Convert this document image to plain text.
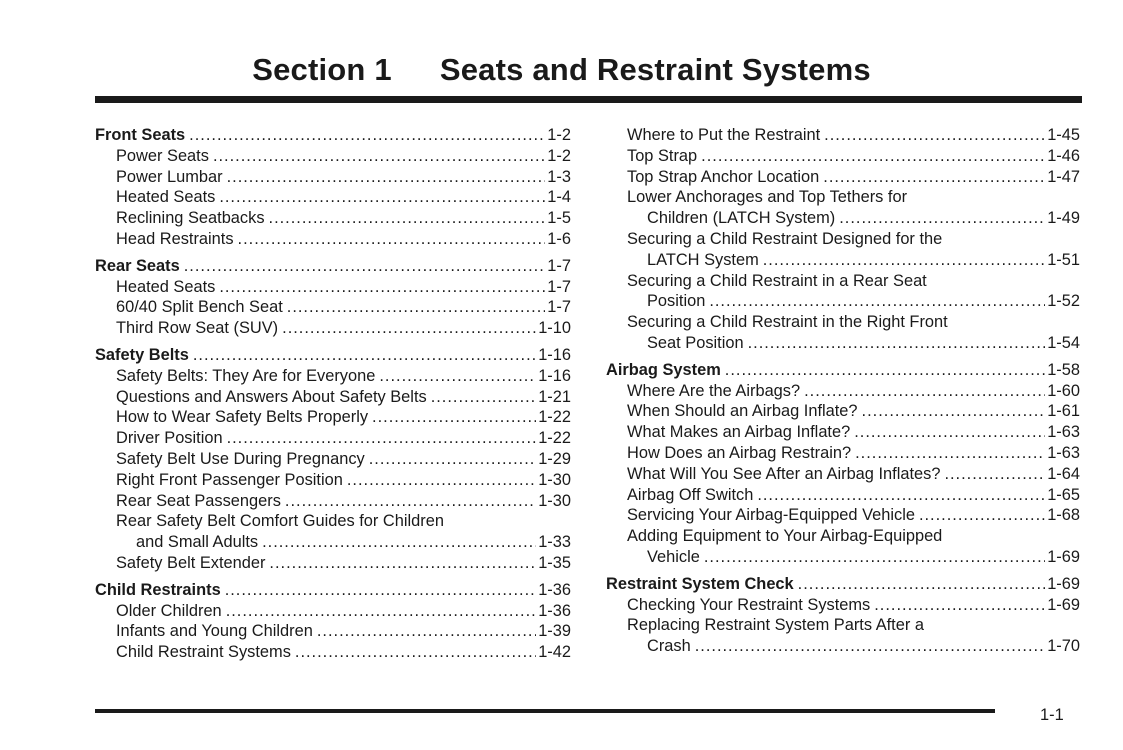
Section 1 Seats and Restraint Systems
Front Seats .....	1-2
Power Seats .....	1-2
Power Lumbar .....	1-3
Heated Seats .....	1-4
Reclining Seatbacks .....	1-5
Head Restraints .....	1-6
Rear Seats .....	1-7
Heated Seats .....	1-7
60/40 Split Bench Seat .....	1-7
Third Row Seat (SUV) .....	1-10
Safety Belts .....	1-16
Safety Belts: They Are for Everyone .....	1-16
Questions and Answers About Safety Belts .....	1-21
How to Wear Safety Belts Properly .....	1-22
Driver Position .....	1-22
Safety Belt Use During Pregnancy .....	1-29
Right Front Passenger Position .....	1-30
Rear Seat Passengers .....	1-30
Rear Safety Belt Comfort Guides for Children
and Small Adults .....	1-33
Safety Belt Extender .....	1-35
Child Restraints .....	1-36
Older Children .....	1-36
Infants and Young Children .....	1-39
Child Restraint Systems .....	1-42
Where to Put the Restraint .....	1-45
Top Strap .....	1-46
Top Strap Anchor Location .....	1-47
Lower Anchorages and Top Tethers for
Children (LATCH System) .....	1-49
Securing a Child Restraint Designed for the
LATCH System .....	1-51
Securing a Child Restraint in a Rear Seat
Position .....	1-52
Securing a Child Restraint in the Right Front
Seat Position .....	1-54
Airbag System .....	1-58
Where Are the Airbags? .....	1-60
When Should an Airbag Inflate? .....	1-61
What Makes an Airbag Inflate? .....	1-63
How Does an Airbag Restrain? .....	1-63
What Will You See After an Airbag Inflates? .....	1-64
Airbag Off Switch .....	1-65
Servicing Your Airbag-Equipped Vehicle .....	1-68
Adding Equipment to Your Airbag-Equipped
Vehicle .....	1-69
Restraint System Check .....	1-69
Checking Your Restraint Systems .....	1-69
Replacing Restraint System Parts After a
Crash .....	1-70
1-1
